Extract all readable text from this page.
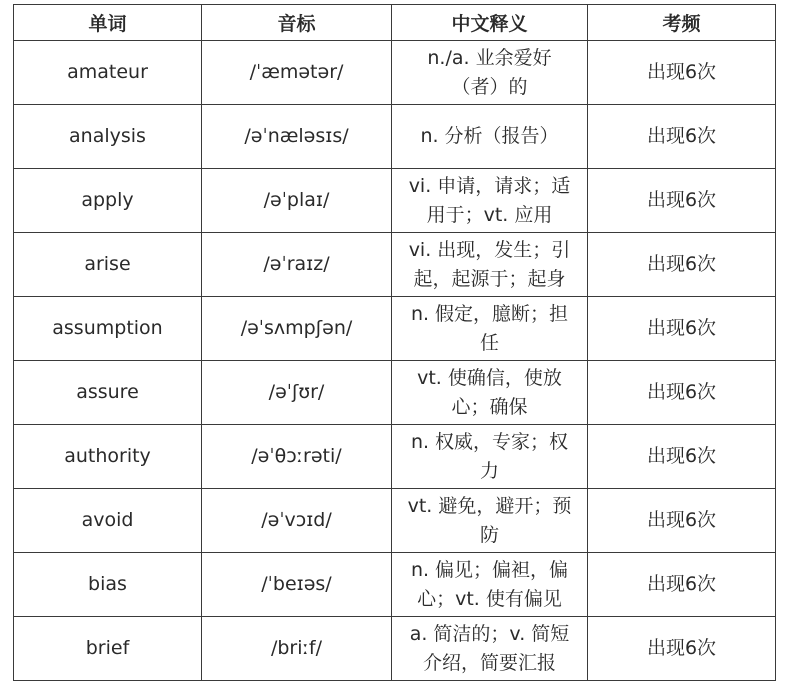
单词	音标	中文释义	考频
amateur	/ˈæmətər/	n./a. 业余爱好（者）的	出现6次
analysis	/əˈnæləsɪs/	n. 分析（报告）	出现6次
apply	/əˈplaɪ/	vi. 申请，请求；适用于；vt. 应用	出现6次
arise	/əˈraɪz/	vi. 出现，发生；引起，起源于；起身	出现6次
assumption	/əˈsʌmpʃən/	n. 假定，臆断；担任	出现6次
assure	/əˈʃʊr/	vt. 使确信，使放心；确保	出现6次
authority	/əˈθɔːrəti/	n. 权威，专家；权力	出现6次
avoid	/əˈvɔɪd/	vt. 避免，避开；预防	出现6次
bias	/ˈbeɪəs/	n. 偏见；偏袒，偏心；vt. 使有偏见	出现6次
brief	/briːf/	a. 简洁的；v. 简短介绍，简要汇报	出现6次
